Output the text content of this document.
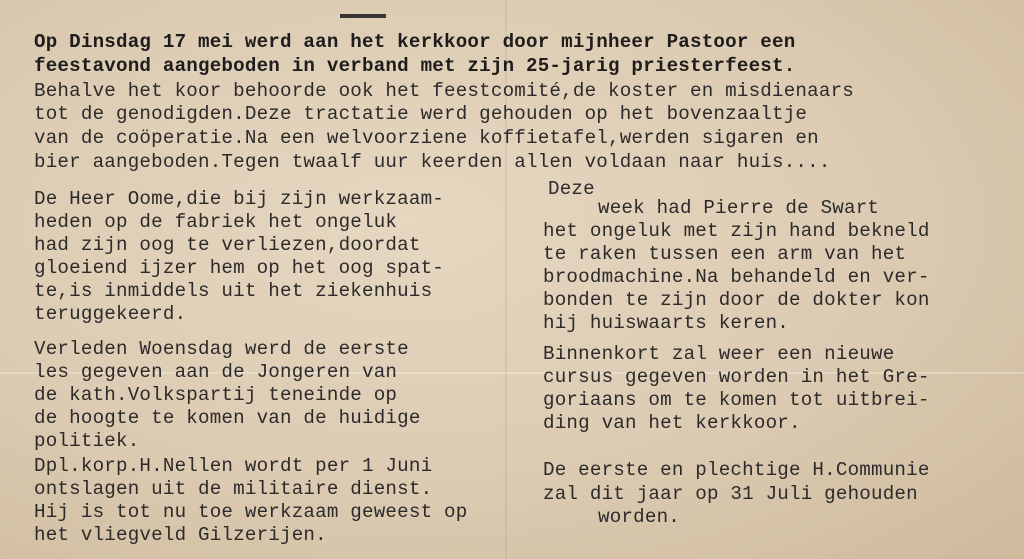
Op Dinsdag 17 mei werd aan het kerkkoor door mijnheer Pastoor een
feestavond aangeboden in verband met zijn 25-jarig priesterfeest.
Behalve het koor behoorde ook het feestcomité,de koster en misdienaars
tot de genodigden.Deze tractatie werd gehouden op het bovenzaaltje
van de coöperatie.Na een welvoorziene koffietafel,werden sigaren en
bier aangeboden.Tegen twaalf uur keerden allen voldaan naar huis....
De Heer Oome,die bij zijn werkzaam-
heden op de fabriek het ongeluk
had zijn oog te verliezen,doordat
gloeiend ijzer hem op het oog spat-
te,is inmiddels uit het ziekenhuis
teruggekeerd.
Verleden Woensdag werd de eerste
les gegeven aan de Jongeren van
de kath.Volkspartij teneinde op
de hoogte te komen van de huidige
politiek.
Dpl.korp.H.Nellen wordt per 1 Juni
ontslagen uit de militaire dienst.
Hij is tot nu toe werkzaam geweest op
het vliegveld Gilzerijen.
Deze
week had Pierre de Swart
het ongeluk met zijn hand bekneld
te raken tussen een arm van het
broodmachine.Na behandeld en ver-
bonden te zijn door de dokter kon
hij huiswaarts keren.
Binnenkort zal weer een nieuwe
cursus gegeven worden in het Gre-
goriaans om te komen tot uitbrei-
ding van het kerkkoor.
De eerste en plechtige H.Communie
zal dit jaar op 31 Juli gehouden
worden.
